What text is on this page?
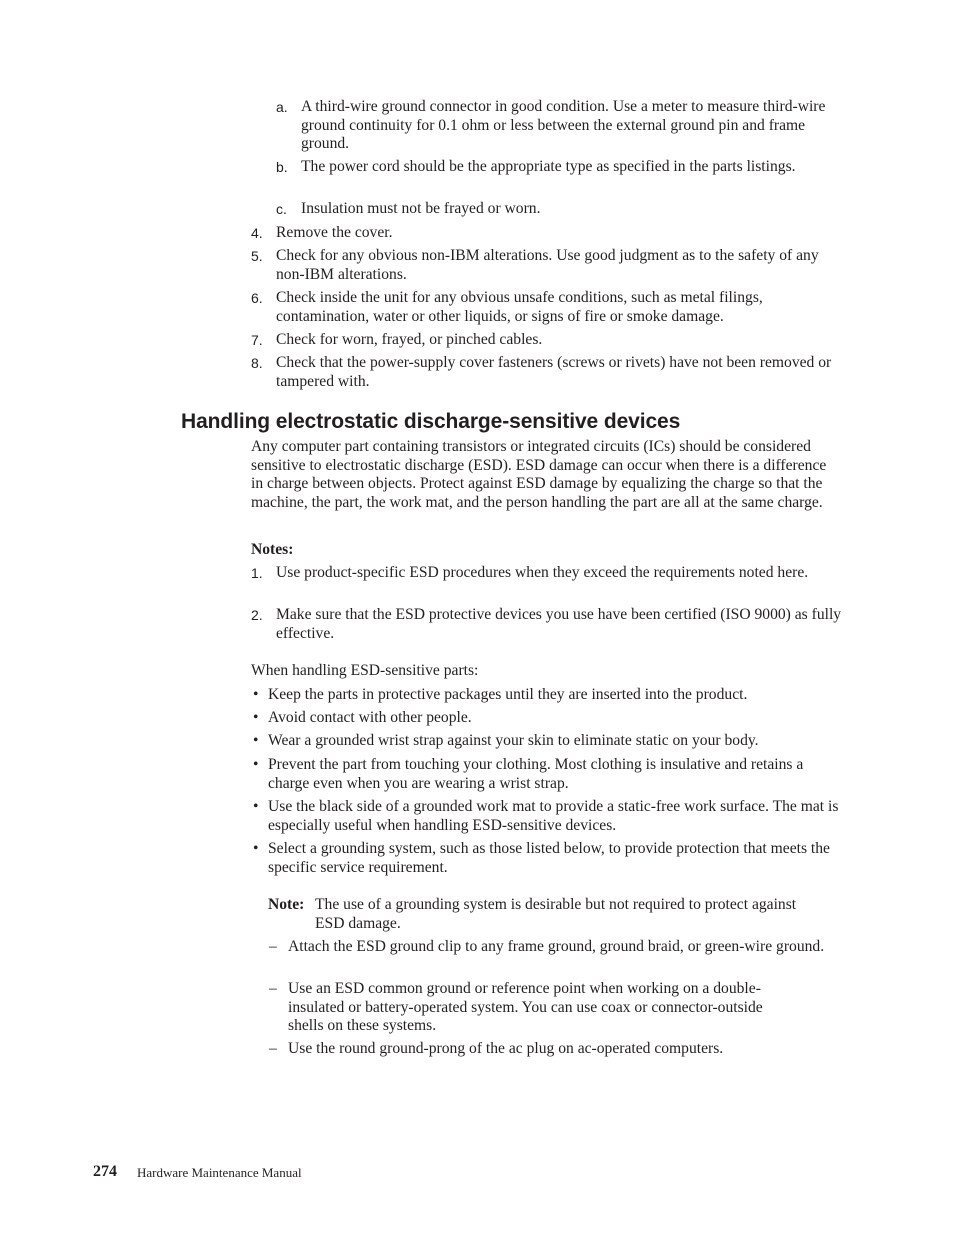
a. A third-wire ground connector in good condition. Use a meter to measure third-wire ground continuity for 0.1 ohm or less between the external ground pin and frame ground.
b. The power cord should be the appropriate type as specified in the parts listings.
c. Insulation must not be frayed or worn.
4. Remove the cover.
5. Check for any obvious non-IBM alterations. Use good judgment as to the safety of any non-IBM alterations.
6. Check inside the unit for any obvious unsafe conditions, such as metal filings, contamination, water or other liquids, or signs of fire or smoke damage.
7. Check for worn, frayed, or pinched cables.
8. Check that the power-supply cover fasteners (screws or rivets) have not been removed or tampered with.
Handling electrostatic discharge-sensitive devices
Any computer part containing transistors or integrated circuits (ICs) should be considered sensitive to electrostatic discharge (ESD). ESD damage can occur when there is a difference in charge between objects. Protect against ESD damage by equalizing the charge so that the machine, the part, the work mat, and the person handling the part are all at the same charge.
Notes:
1. Use product-specific ESD procedures when they exceed the requirements noted here.
2. Make sure that the ESD protective devices you use have been certified (ISO 9000) as fully effective.
When handling ESD-sensitive parts:
• Keep the parts in protective packages until they are inserted into the product.
• Avoid contact with other people.
• Wear a grounded wrist strap against your skin to eliminate static on your body.
• Prevent the part from touching your clothing. Most clothing is insulative and retains a charge even when you are wearing a wrist strap.
• Use the black side of a grounded work mat to provide a static-free work surface. The mat is especially useful when handling ESD-sensitive devices.
• Select a grounding system, such as those listed below, to provide protection that meets the specific service requirement.
Note: The use of a grounding system is desirable but not required to protect against ESD damage.
– Attach the ESD ground clip to any frame ground, ground braid, or green-wire ground.
– Use an ESD common ground or reference point when working on a double-insulated or battery-operated system. You can use coax or connector-outside shells on these systems.
– Use the round ground-prong of the ac plug on ac-operated computers.
274 Hardware Maintenance Manual
